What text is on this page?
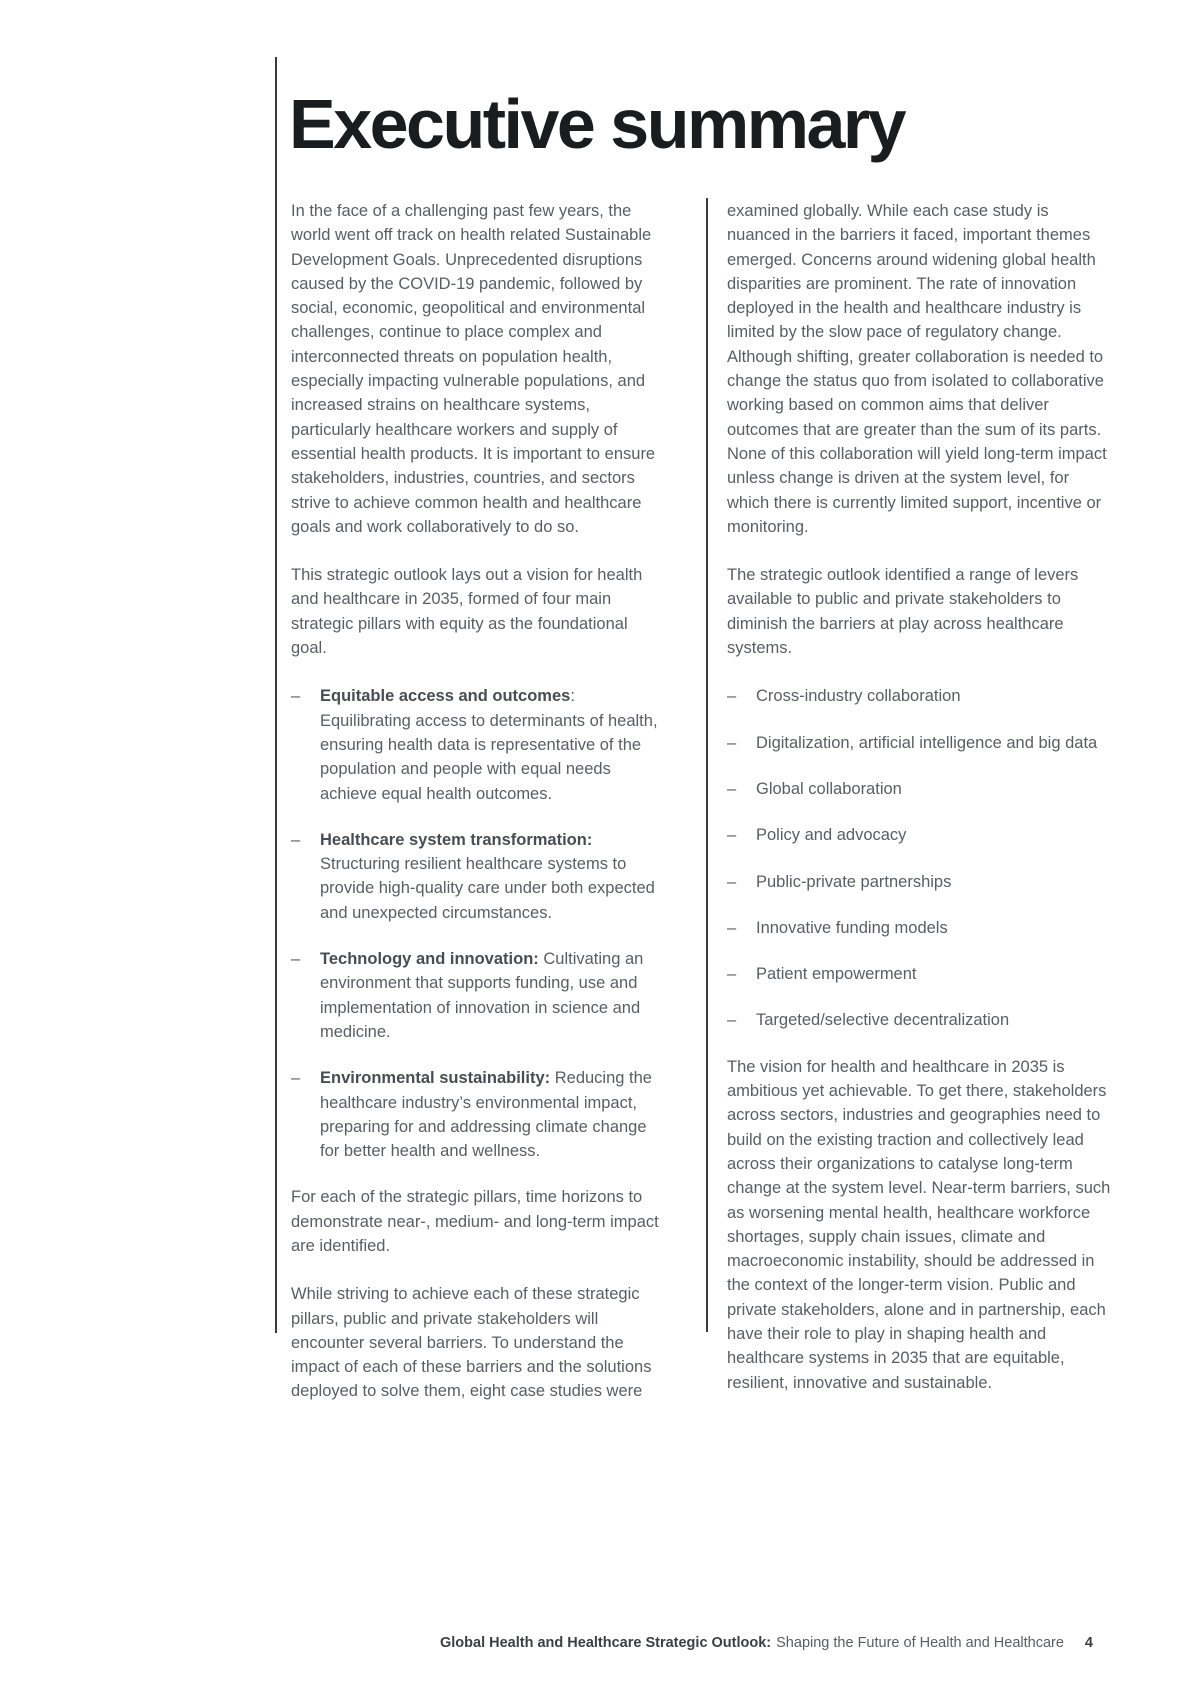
Executive summary

In the face of a challenging past few years, the world went off track on health related Sustainable Development Goals. Unprecedented disruptions caused by the COVID-19 pandemic, followed by social, economic, geopolitical and environmental challenges, continue to place complex and interconnected threats on population health, especially impacting vulnerable populations, and increased strains on healthcare systems, particularly healthcare workers and supply of essential health products. It is important to ensure stakeholders, industries, countries, and sectors strive to achieve common health and healthcare goals and work collaboratively to do so.

This strategic outlook lays out a vision for health and healthcare in 2035, formed of four main strategic pillars with equity as the foundational goal.

–	Equitable access and outcomes: Equilibrating access to determinants of health, ensuring health data is representative of the population and people with equal needs achieve equal health outcomes.
–	Healthcare system transformation: Structuring resilient healthcare systems to provide high-quality care under both expected and unexpected circumstances.
–	Technology and innovation: Cultivating an environment that supports funding, use and implementation of innovation in science and medicine.
–	Environmental sustainability: Reducing the healthcare industry’s environmental impact, preparing for and addressing climate change for better health and wellness.

For each of the strategic pillars, time horizons to demonstrate near-, medium- and long-term impact are identified.

While striving to achieve each of these strategic pillars, public and private stakeholders will encounter several barriers. To understand the impact of each of these barriers and the solutions deployed to solve them, eight case studies were

examined globally. While each case study is nuanced in the barriers it faced, important themes emerged. Concerns around widening global health disparities are prominent. The rate of innovation deployed in the health and healthcare industry is limited by the slow pace of regulatory change. Although shifting, greater collaboration is needed to change the status quo from isolated to collaborative working based on common aims that deliver outcomes that are greater than the sum of its parts. None of this collaboration will yield long-term impact unless change is driven at the system level, for which there is currently limited support, incentive or monitoring.

The strategic outlook identified a range of levers available to public and private stakeholders to diminish the barriers at play across healthcare systems.

–	Cross-industry collaboration
–	Digitalization, artificial intelligence and big data
–	Global collaboration
–	Policy and advocacy
–	Public-private partnerships
–	Innovative funding models
–	Patient empowerment
–	Targeted/selective decentralization

The vision for health and healthcare in 2035 is ambitious yet achievable. To get there, stakeholders across sectors, industries and geographies need to build on the existing traction and collectively lead across their organizations to catalyse long-term change at the system level. Near-term barriers, such as worsening mental health, healthcare workforce shortages, supply chain issues, climate and macroeconomic instability, should be addressed in the context of the longer-term vision. Public and private stakeholders, alone and in partnership, each have their role to play in shaping health and healthcare systems in 2035 that are equitable, resilient, innovative and sustainable.

Global Health and Healthcare Strategic Outlook: Shaping the Future of Health and Healthcare 4
